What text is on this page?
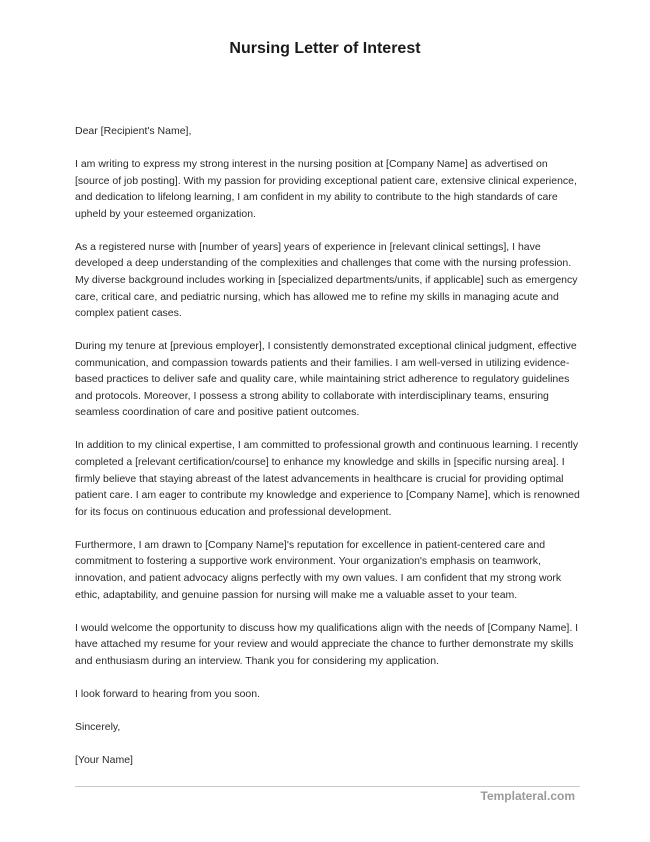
Nursing Letter of Interest

Dear [Recipient's Name],

I am writing to express my strong interest in the nursing position at [Company Name] as advertised on [source of job posting]. With my passion for providing exceptional patient care, extensive clinical experience, and dedication to lifelong learning, I am confident in my ability to contribute to the high standards of care upheld by your esteemed organization.

As a registered nurse with [number of years] years of experience in [relevant clinical settings], I have developed a deep understanding of the complexities and challenges that come with the nursing profession. My diverse background includes working in [specialized departments/units, if applicable] such as emergency care, critical care, and pediatric nursing, which has allowed me to refine my skills in managing acute and complex patient cases.

During my tenure at [previous employer], I consistently demonstrated exceptional clinical judgment, effective communication, and compassion towards patients and their families. I am well-versed in utilizing evidence-based practices to deliver safe and quality care, while maintaining strict adherence to regulatory guidelines and protocols. Moreover, I possess a strong ability to collaborate with interdisciplinary teams, ensuring seamless coordination of care and positive patient outcomes.

In addition to my clinical expertise, I am committed to professional growth and continuous learning. I recently completed a [relevant certification/course] to enhance my knowledge and skills in [specific nursing area]. I firmly believe that staying abreast of the latest advancements in healthcare is crucial for providing optimal patient care. I am eager to contribute my knowledge and experience to [Company Name], which is renowned for its focus on continuous education and professional development.

Furthermore, I am drawn to [Company Name]'s reputation for excellence in patient-centered care and commitment to fostering a supportive work environment. Your organization's emphasis on teamwork, innovation, and patient advocacy aligns perfectly with my own values. I am confident that my strong work ethic, adaptability, and genuine passion for nursing will make me a valuable asset to your team.

I would welcome the opportunity to discuss how my qualifications align with the needs of [Company Name]. I have attached my resume for your review and would appreciate the chance to further demonstrate my skills and enthusiasm during an interview. Thank you for considering my application.

I look forward to hearing from you soon.

Sincerely,

[Your Name]

Templateral.com
